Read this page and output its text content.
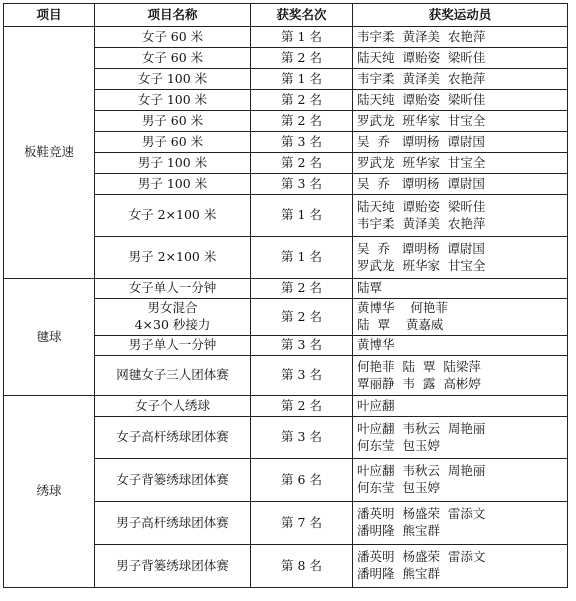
项目	项目名称	获奖名次	获奖运动员
板鞋竞速	女子 60 米	第 1 名	韦宇柔  黄泽美  农艳萍

	女子 60 米	第 2 名	陆天纯  谭贻姿  梁昕佳

	女子 100 米	第 1 名	韦宇柔  黄泽美  农艳萍

	女子 100 米	第 2 名	陆天纯  谭贻姿  梁昕佳

	男子 60 米	第 2 名	罗武龙  班华家  甘宝全

	男子 60 米	第 3 名	吴  乔   谭明杨  谭尉国

	男子 100 米	第 2 名	罗武龙  班华家  甘宝全

	男子 100 米	第 3 名	吴  乔   谭明杨  谭尉国

	女子 2×100 米	第 1 名	陆天纯  谭贻姿  梁昕佳
韦宇柔  黄泽美  农艳萍

	男子 2×100 米	第 1 名	吴  乔   谭明杨  谭尉国
罗武龙  班华家  甘宝全

毽球	女子单人一分钟	第 2 名	陆覃

	男女混合 4×30 秒接力	第 2 名	黄博华    何艳菲
陆  覃    黄嘉威

	男子单人一分钟	第 3 名	黄博华

	网毽女子三人团体赛	第 3 名	何艳菲  陆  覃  陆梁萍
覃丽静  韦  露  高彬婷

绣球	女子个人绣球	第 2 名	叶应翻

	女子高杆绣球团体赛	第 3 名	叶应翻  韦秋云  周艳丽
何东莹  包玉婷

	女子背篓绣球团体赛	第 6 名	叶应翻  韦秋云  周艳丽
何东莹  包玉婷

	男子高杆绣球团体赛	第 7 名	潘英明  杨盛荣  雷添文
潘明隆  熊宝群

	男子背篓绣球团体赛	第 8 名	潘英明  杨盛荣  雷添文
潘明隆  熊宝群
